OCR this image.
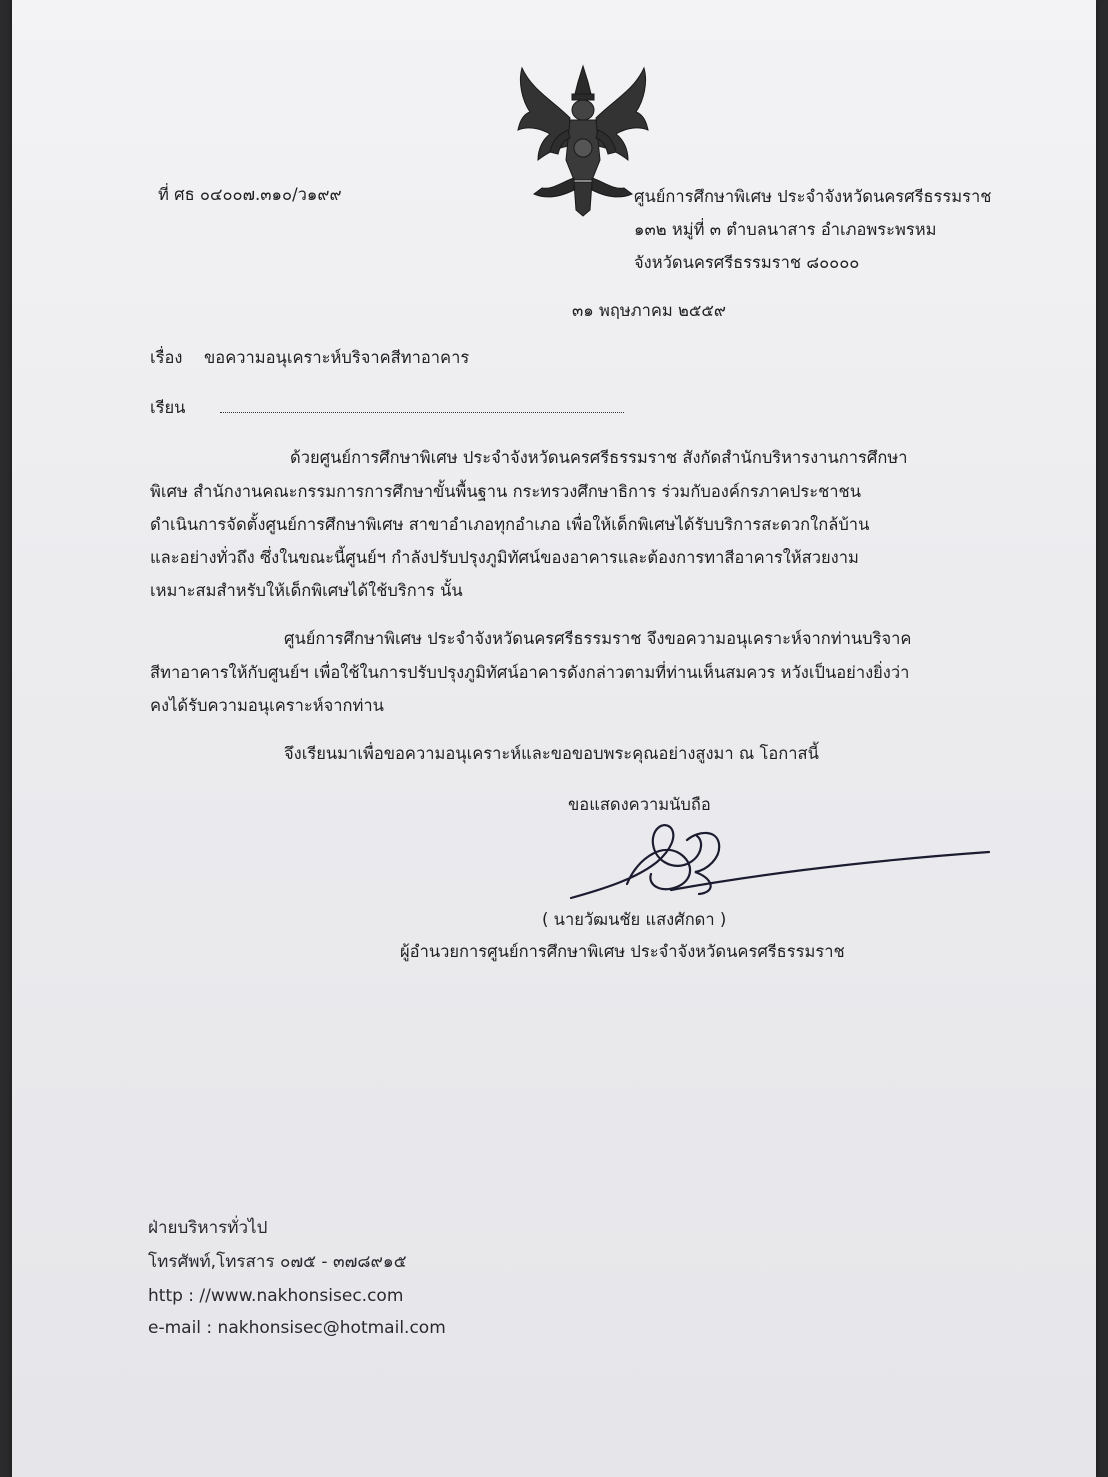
ที่ ศธ ๐๔๐๐๗.๓๑๐/ว๑๙๙	ศูนย์การศึกษาพิเศษ ประจำจังหวัดนครศรีธรรมราช
๑๓๒ หมู่ที่ ๓ ตำบลนาสาร อำเภอพระพรหม
จังหวัดนครศรีธรรมราช ๘๐๐๐๐
๓๑ พฤษภาคม ๒๕๕๙
เรื่อง ขอความอนุเคราะห์บริจาคสีทาอาคาร
เรียน
ด้วยศูนย์การศึกษาพิเศษ ประจำจังหวัดนครศรีธรรมราช สังกัดสำนักบริหารงานการศึกษา
พิเศษ สำนักงานคณะกรรมการการศึกษาขั้นพื้นฐาน กระทรวงศึกษาธิการ ร่วมกับองค์กรภาคประชาชน
ดำเนินการจัดตั้งศูนย์การศึกษาพิเศษ สาขาอำเภอทุกอำเภอ เพื่อให้เด็กพิเศษได้รับบริการสะดวกใกล้บ้าน
และอย่างทั่วถึง ซึ่งในขณะนี้ศูนย์ฯ กำลังปรับปรุงภูมิทัศน์ของอาคารและต้องการทาสีอาคารให้สวยงาม
เหมาะสมสำหรับให้เด็กพิเศษได้ใช้บริการ นั้น
ศูนย์การศึกษาพิเศษ ประจำจังหวัดนครศรีธรรมราช จึงขอความอนุเคราะห์จากท่านบริจาค
สีทาอาคารให้กับศูนย์ฯ เพื่อใช้ในการปรับปรุงภูมิทัศน์อาคารดังกล่าวตามที่ท่านเห็นสมควร หวังเป็นอย่างยิ่งว่า
คงได้รับความอนุเคราะห์จากท่าน
จึงเรียนมาเพื่อขอความอนุเคราะห์และขอขอบพระคุณอย่างสูงมา ณ โอกาสนี้
ขอแสดงความนับถือ
( นายวัฒนชัย แสงศักดา )
ผู้อำนวยการศูนย์การศึกษาพิเศษ ประจำจังหวัดนครศรีธรรมราช
ฝ่ายบริหารทั่วไป
โทรศัพท์,โทรสาร ๐๗๕ - ๓๗๘๙๑๕
http : //www.nakhonsisec.com
e-mail : nakhonsisec@hotmail.com
